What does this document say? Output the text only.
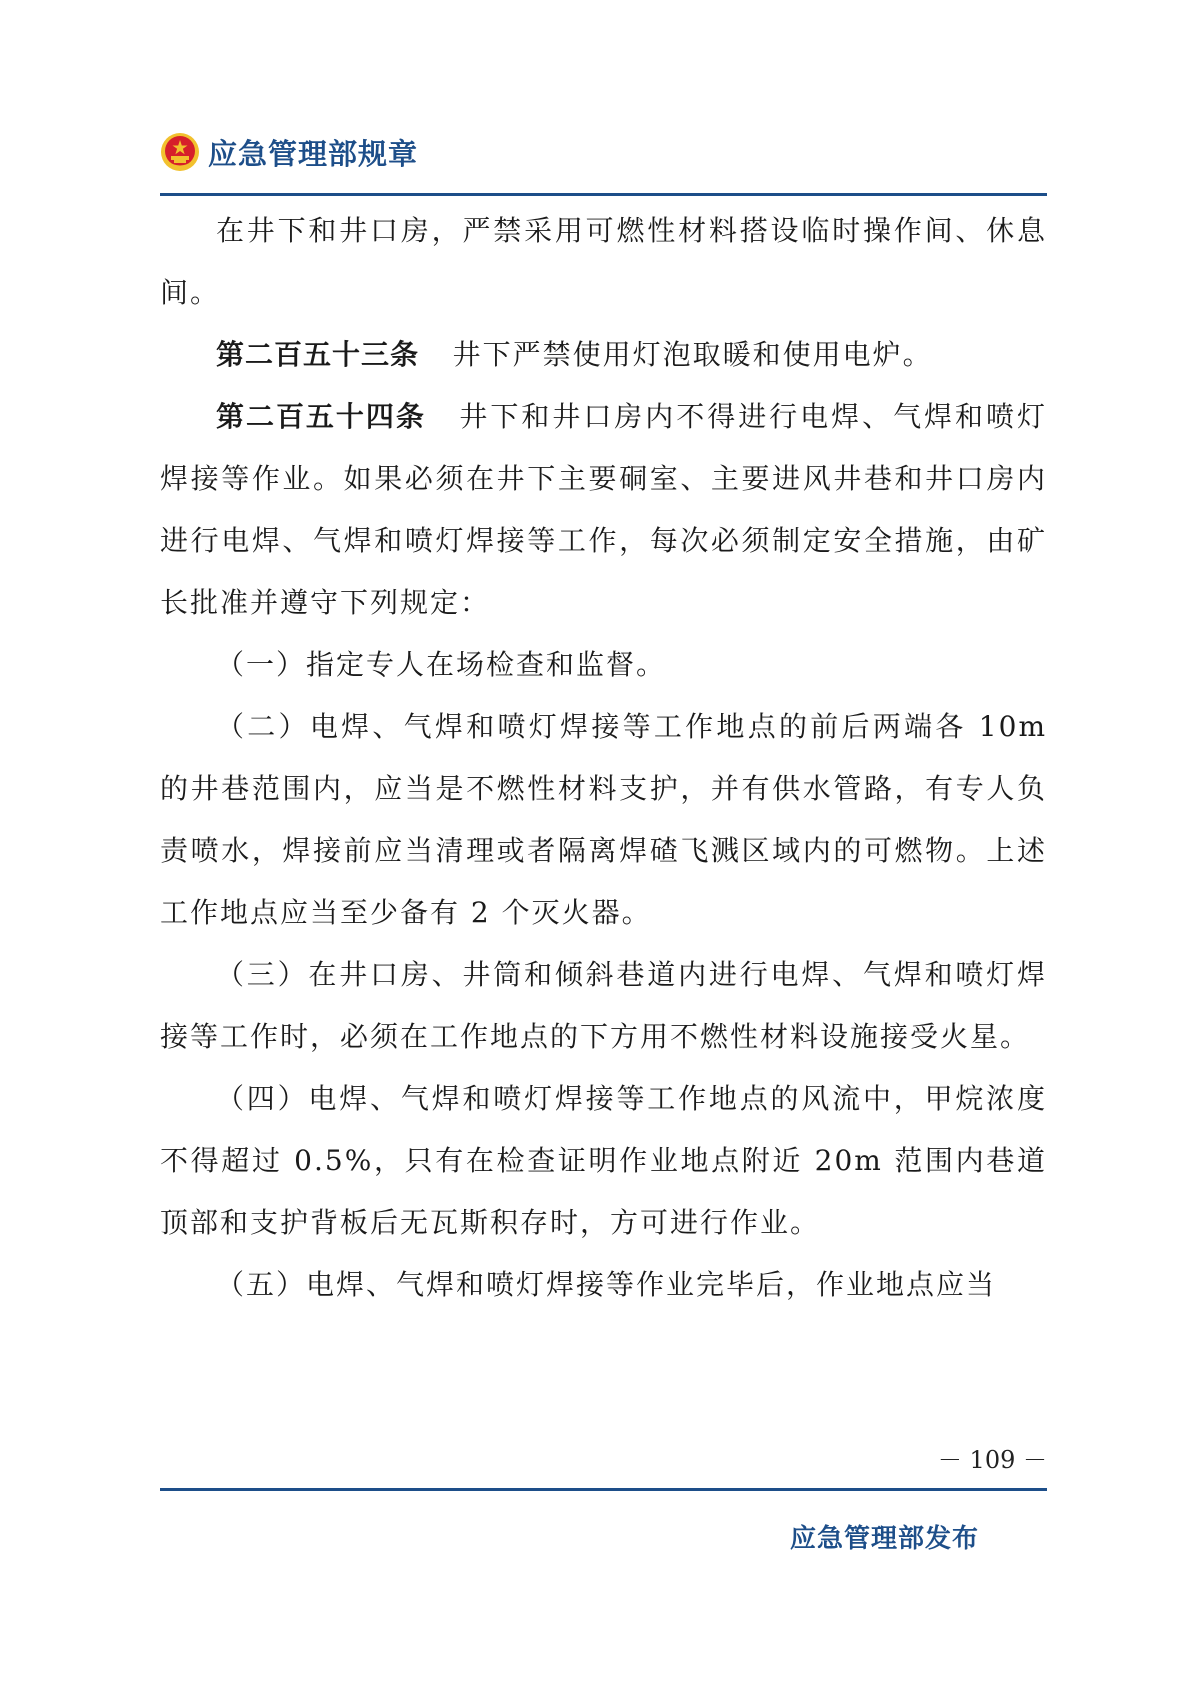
应急管理部规章

在井下和井口房，严禁采用可燃性材料搭设临时操作间、休息间。

第二百五十三条 井下严禁使用灯泡取暖和使用电炉。

第二百五十四条 井下和井口房内不得进行电焊、气焊和喷灯焊接等作业。如果必须在井下主要硐室、主要进风井巷和井口房内进行电焊、气焊和喷灯焊接等工作，每次必须制定安全措施，由矿长批准并遵守下列规定：

（一）指定专人在场检查和监督。

（二）电焊、气焊和喷灯焊接等工作地点的前后两端各 10m 的井巷范围内，应当是不燃性材料支护，并有供水管路，有专人负责喷水，焊接前应当清理或者隔离焊碴飞溅区域内的可燃物。上述工作地点应当至少备有 2 个灭火器。

（三）在井口房、井筒和倾斜巷道内进行电焊、气焊和喷灯焊接等工作时，必须在工作地点的下方用不燃性材料设施接受火星。

（四）电焊、气焊和喷灯焊接等工作地点的风流中，甲烷浓度不得超过 0.5%，只有在检查证明作业地点附近 20m 范围内巷道顶部和支护背板后无瓦斯积存时，方可进行作业。

（五）电焊、气焊和喷灯焊接等作业完毕后，作业地点应当

－ 109 －
应急管理部发布
